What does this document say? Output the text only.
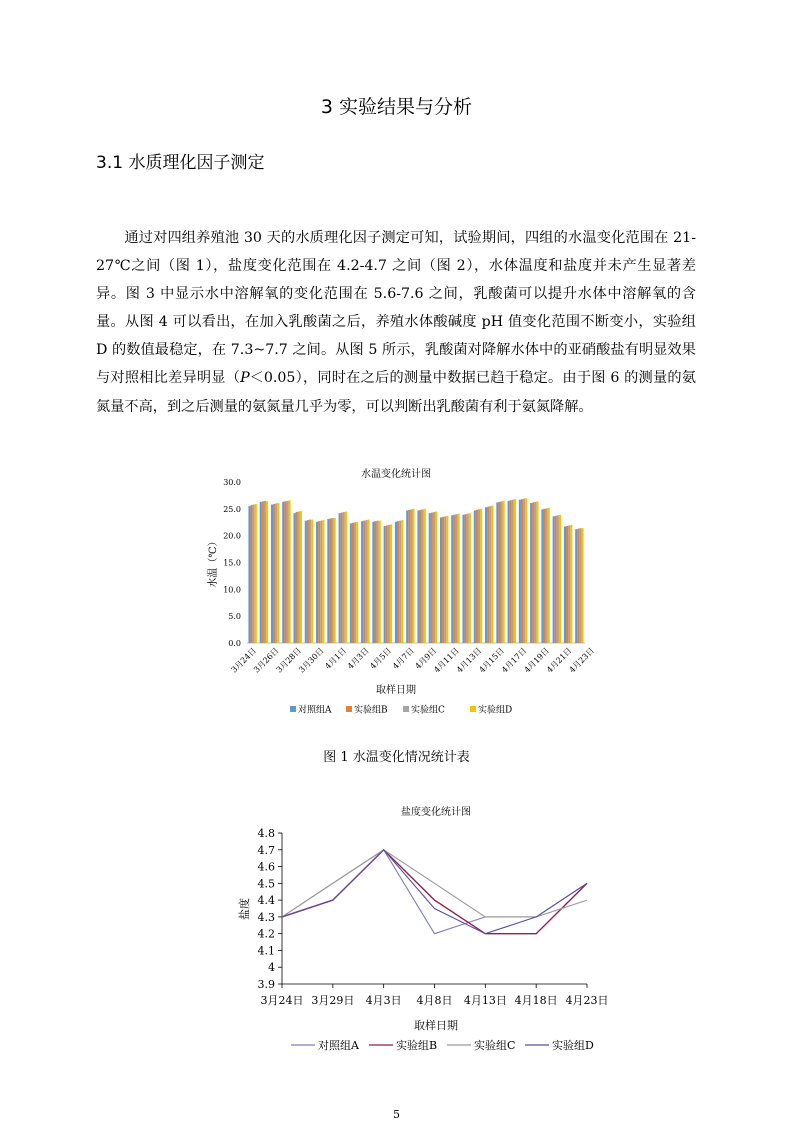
3 实验结果与分析
3.1 水质理化因子测定

通过对四组养殖池 30 天的水质理化因子测定可知，试验期间，四组的水温变化范围在 21-27℃之间（图 1），盐度变化范围在 4.2-4.7 之间（图 2），水体温度和盐度并未产生显著差异。图 3 中显示水中溶解氧的变化范围在 5.6-7.6 之间，乳酸菌可以提升水体中溶解氧的含量。从图 4 可以看出，在加入乳酸菌之后，养殖水体酸碱度 pH 值变化范围不断变小，实验组 D 的数值最稳定，在 7.3~7.7 之间。从图 5 所示，乳酸菌对降解水体中的亚硝酸盐有明显效果与对照相比差异明显（P＜0.05），同时在之后的测量中数据已趋于稳定。由于图 6 的测量的氨氮量不高，到之后测量的氨氮量几乎为零，可以判断出乳酸菌有利于氨氮降解。

水温变化统计图
0.0
5.0
10.0
15.0
20.0
25.0
30.0
3月24日
3月26日
3月28日
3月30日
4月1日
4月3日
4月5日
4月7日
4月9日
4月11日
4月13日
4月15日
4月17日
4月19日
4月21日
4月23日
水温（℃）
取样日期
对照组A	实验组B	实验组C	实验组D
图 1 水温变化情况统计表
盐度变化统计图
3.9
4
4.1
4.2
4.3
4.4
4.5
4.6
4.7
4.8
3月24日 3月29日 4月3日 4月8日 4月13日 4月18日 4月23日
盐度
取样日期
对照组A	实验组B	实验组C	实验组D
5
